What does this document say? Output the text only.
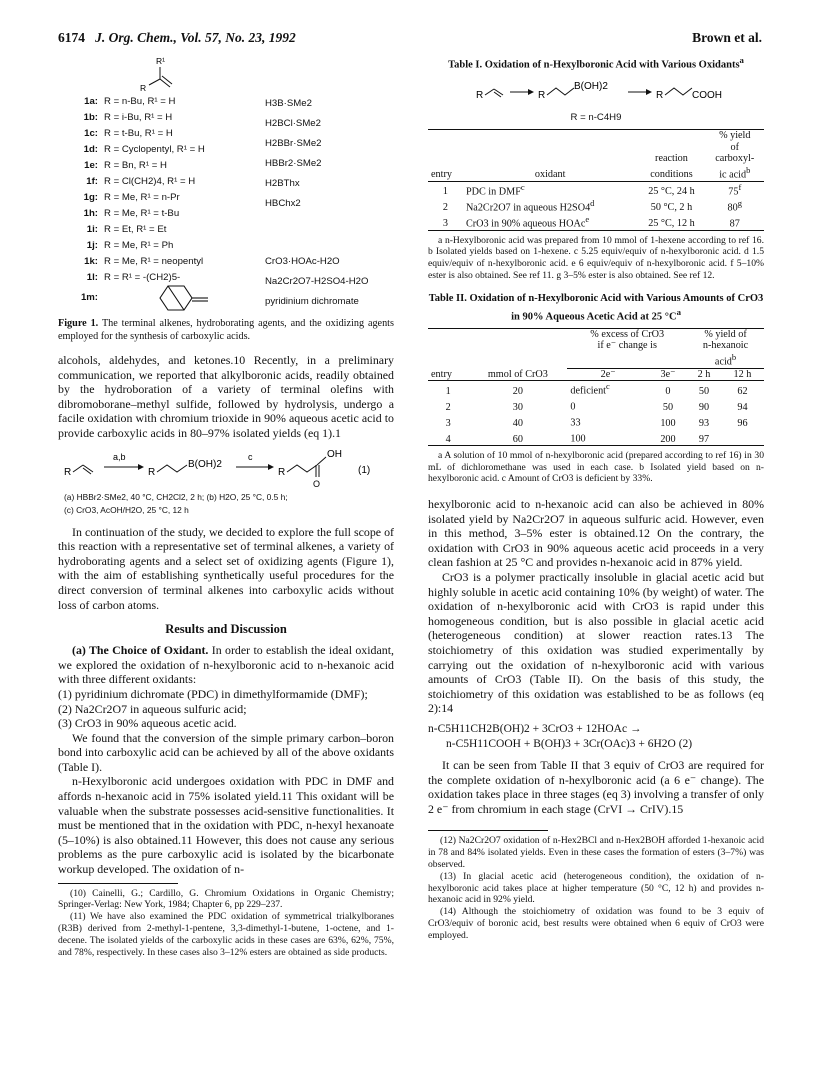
6174 J. Org. Chem., Vol. 57, No. 23, 1992	Brown et al.
R¹
R
1a: R = n-Bu, R¹ = H
1b: R = i-Bu, R¹ = H
1c: R = t-Bu, R¹ = H
1d: R = Cyclopentyl, R¹ = H
1e: R = Bn, R¹ = H
1f: R = Cl(CH2)4, R¹ = H
1g: R = Me, R¹ = n-Pr
1h: R = Me, R¹ = t-Bu
1i: R = Et, R¹ = Et
1j: R = Me, R¹ = Ph
1k: R = Me, R¹ = neopentyl
1l: R = R¹ = -(CH2)5-
1m:
H3B·SMe2
H2BCl·SMe2
H2BBr·SMe2
HBBr2·SMe2
H2BThx
HBChx2
CrO3·HOAc-H2O
Na2Cr2O7-H2SO4-H2O
pyridinium dichromate

Figure 1. The terminal alkenes, hydroborating agents, and the oxidizing agents employed for the synthesis of carboxylic acids.

alcohols, aldehydes, and ketones.10 Recently, in a preliminary communication, we reported that alkylboronic acids, readily obtained by the hydroboration of a variety of terminal olefins with dibromoborane–methyl sulfide, followed by hydrolysis, undergo a facile oxidation with chromium trioxide in 90% aqueous acetic acid to provide carboxylic acids in 80–97% isolated yields (eq 1).1

R
a,b
R
B(OH)2
c
R
OH
O
(1)
(a) HBBr2·SMe2, 40 °C, CH2Cl2, 2 h; (b) H2O, 25 °C, 0.5 h;
(c) CrO3, AcOH/H2O, 25 °C, 12 h

In continuation of the study, we decided to explore the full scope of this reaction with a representative set of terminal alkenes, a variety of hydroborating agents and a select set of oxidizing agents (Figure 1), with the aim of establishing synthetically useful procedures for the direct conversion of terminal alkenes into carboxylic acids without loss of carbon atoms.

Results and Discussion

(a) The Choice of Oxidant. In order to establish the ideal oxidant, we explored the oxidation of n-hexylboronic acid to n-hexanoic acid with three different oxidants:

(1) pyridinium dichromate (PDC) in dimethylformamide (DMF);

(2) Na2Cr2O7 in aqueous sulfuric acid;

(3) CrO3 in 90% aqueous acetic acid.

We found that the conversion of the simple primary carbon–boron bond into carboxylic acid can be achieved by all of the above oxidants (Table I).

n-Hexylboronic acid undergoes oxidation with PDC in DMF and affords n-hexanoic acid in 75% isolated yield.11 This oxidant will be valuable when the substrate possesses acid-sensitive functionalities. It must be mentioned that in the oxidation with PDC, n-hexyl hexanoate (5–10%) is also obtained.11 However, this does not cause any serious problems as the pure carboxylic acid is isolated by the bicarbonate workup developed. The oxidation of n-

(10) Cainelli, G.; Cardillo, G. Chromium Oxidations in Organic Chemistry; Springer-Verlag: New York, 1984; Chapter 6, pp 229–237.

(11) We have also examined the PDC oxidation of symmetrical trialkylboranes (R3B) derived from 2-methyl-1-pentene, 3,3-dimethyl-1-butene, 1-octene, and 1-decene. The isolated yields of the carboxylic acids in these cases are 63%, 62%, 75%, and 78%, respectively. In these cases also 3–12% esters are obtained as side products.

Table I. Oxidation of n-Hexylboronic Acid with Various Oxidants$^a$

R	R
B(OH)2
R	COOH
R = n-C4H9
			% yield
			of
		reaction	carboxyl-
entry	oxidant	conditions	ic acid$^b$
1	PDC in DMF$^c$	25 °C, 24 h	75$^f$
2	Na2Cr2O7 in aqueous H2SO4$^d$	50 °C, 2 h	80$^g$
3	CrO3 in 90% aqueous HOAc$^e$	25 °C, 12 h	87

a n-Hexylboronic acid was prepared from 10 mmol of 1-hexene according to ref 16. b Isolated yields based on 1-hexene. c 5.25 equiv/equiv of n-hexylboronic acid. d 1.5 equiv/equiv of n-hexylboronic acid. e 6 equiv/equiv of n-hexylboronic acid. f 5–10% ester is also obtained. See ref 11. g 3–5% ester is also obtained. See ref 12.

Table II. Oxidation of n-Hexylboronic Acid with Various Amounts of CrO3 in 90% Aqueous Acetic Acid at 25 $^\circ C^a$

		% excess of CrO3		% yield of	
		if e⁻ change is		n-hexanoic	
				acid$^b$
entry	mmol of CrO3	2e⁻	3e⁻	2 h	12 h
1	20	deficient$^c$	0	50	62
2	30	0	50	90	94
3	40	33	100	93	96
4	60	100	200	97	

a A solution of 10 mmol of n-hexylboronic acid (prepared according to ref 16) in 30 mL of dichloromethane was used in each case. b Isolated yield based on n-hexylboronic acid. c Amount of CrO3 is deficient by 33%.

hexylboronic acid to n-hexanoic acid can also be achieved in 80% isolated yield by Na2Cr2O7 in aqueous sulfuric acid. However, even in this method, 3–5% ester is obtained.12 On the contrary, the oxidation with CrO3 in 90% aqueous acetic acid proceeds in a very clean fashion at 25 °C and provides n-hexanoic acid in 87% yield.

CrO3 is a polymer practically insoluble in glacial acetic acid but highly soluble in acetic acid containing 10% (by weight) of water. The oxidation of n-hexylboronic acid with CrO3 is rapid under this homogeneous condition, but is also possible in glacial acetic acid (heterogeneous condition) at slower reaction rates.13 The stoichiometry of this oxidation was studied experimentally by carrying out the oxidation of n-hexylboronic acid with various amounts of CrO3 (Table II). On the basis of this study, the stoichiometry of this oxidation was established to be as follows (eq 2):14

n-C5H11CH2B(OH)2 + 3CrO3 + 12HOAc →
n-C5H11COOH + B(OH)3 + 3Cr(OAc)3 + 6H2O (2)

It can be seen from Table II that 3 equiv of CrO3 are required for the complete oxidation of n-hexylboronic acid (a 6 e⁻ change). The oxidation takes place in three stages (eq 3) involving a transfer of only 2 e⁻ from chromium in each stage (CrVI → CrIV).15

(12) Na2Cr2O7 oxidation of n-Hex2BCl and n-Hex2BOH afforded 1-hexanoic acid in 78 and 84% isolated yields. Even in these cases the formation of esters (3–7%) was observed.

(13) In glacial acetic acid (heterogeneous condition), the oxidation of n-hexylboronic acid takes place at higher temperature (50 °C, 12 h) and provides n-hexanoic acid in 92% yield.

(14) Although the stoichiometry of oxidation was found to be 3 equiv of CrO3/equiv of boronic acid, best results were obtained when 6 equiv of CrO3 were employed.
